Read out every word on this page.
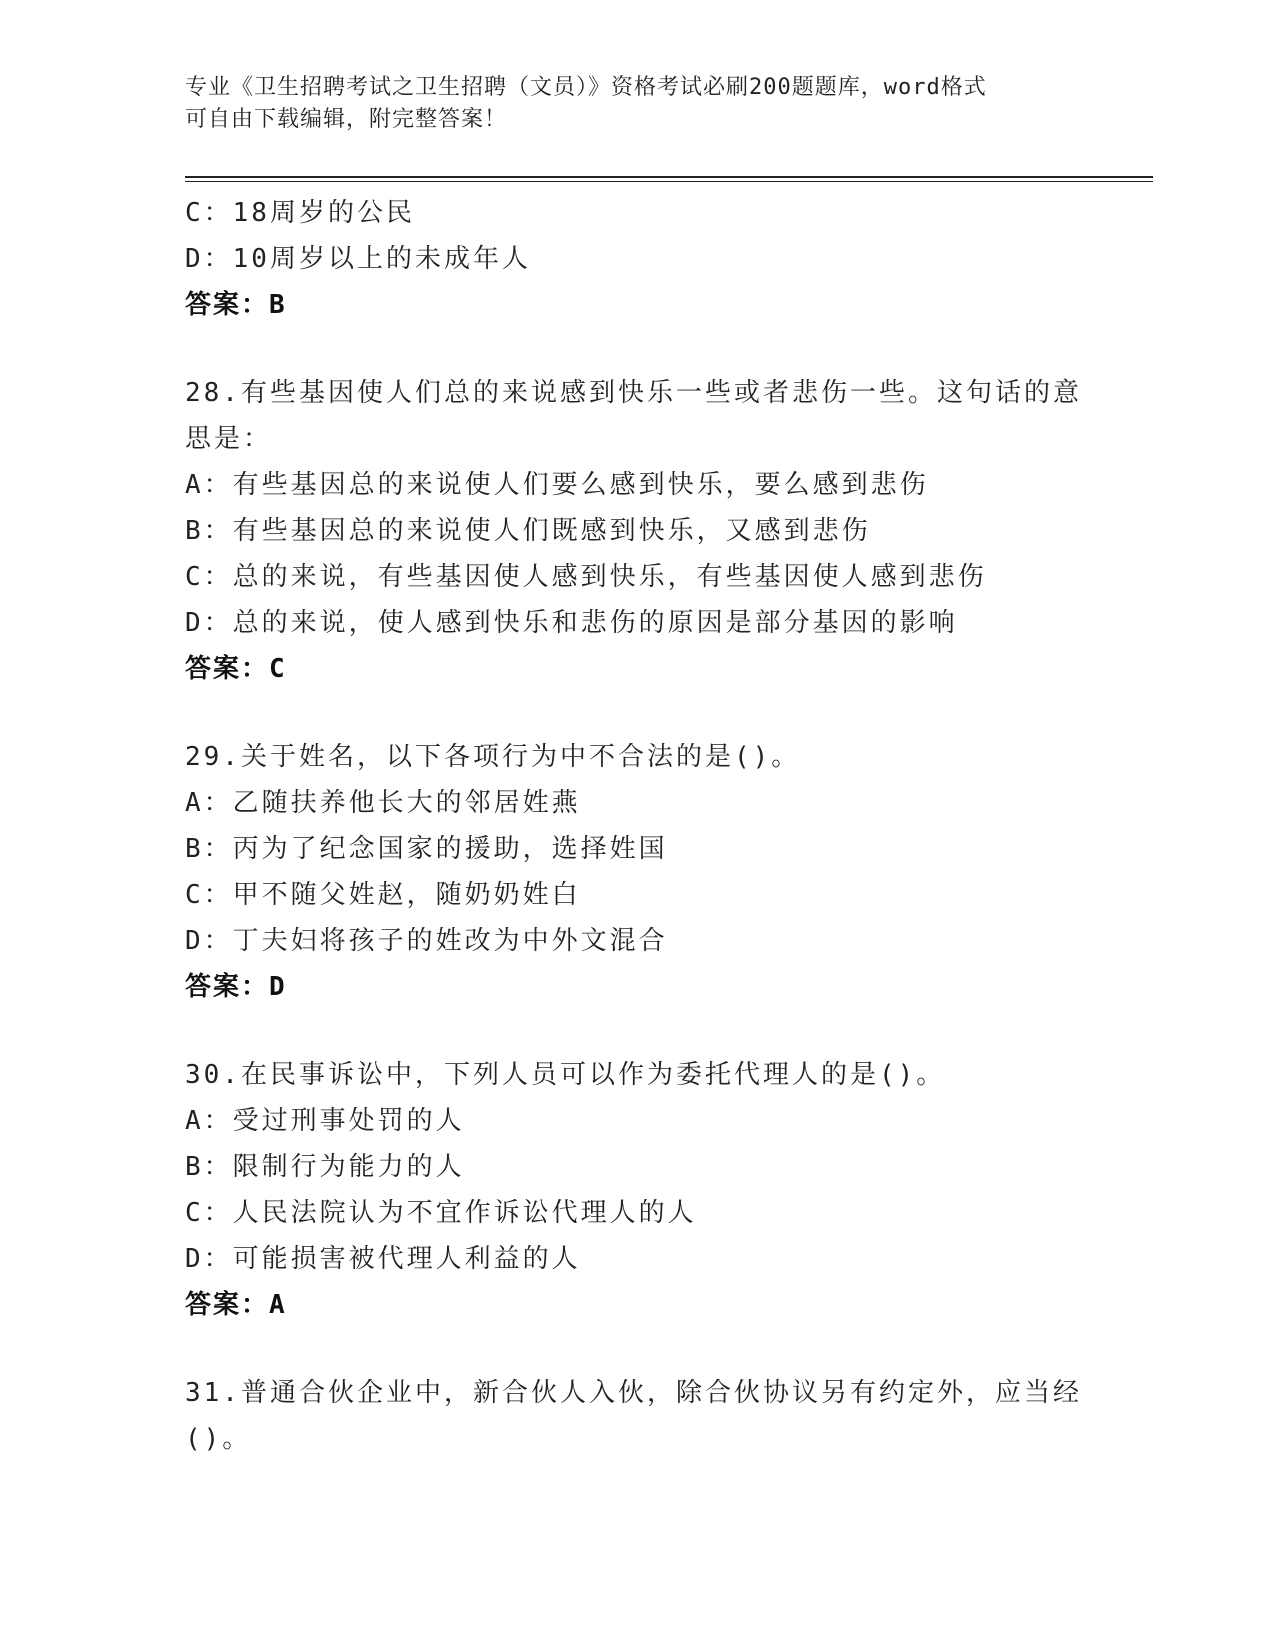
专业《卫生招聘考试之卫生招聘（文员）》资格考试必刷200题题库，word格式
可自由下载编辑，附完整答案！
C：18周岁的公民
D：10周岁以上的未成年人
答案：B
28.有些基因使人们总的来说感到快乐一些或者悲伤一些。这句话的意
思是：
A：有些基因总的来说使人们要么感到快乐，要么感到悲伤
B：有些基因总的来说使人们既感到快乐，又感到悲伤
C：总的来说，有些基因使人感到快乐，有些基因使人感到悲伤
D：总的来说，使人感到快乐和悲伤的原因是部分基因的影响
答案：C
29.关于姓名，以下各项行为中不合法的是()。
A：乙随扶养他长大的邻居姓燕
B：丙为了纪念国家的援助，选择姓国
C：甲不随父姓赵，随奶奶姓白
D：丁夫妇将孩子的姓改为中外文混合
答案：D
30.在民事诉讼中，下列人员可以作为委托代理人的是()。
A：受过刑事处罚的人
B：限制行为能力的人
C：人民法院认为不宜作诉讼代理人的人
D：可能损害被代理人利益的人
答案：A
31.普通合伙企业中，新合伙人入伙，除合伙协议另有约定外，应当经
()。
